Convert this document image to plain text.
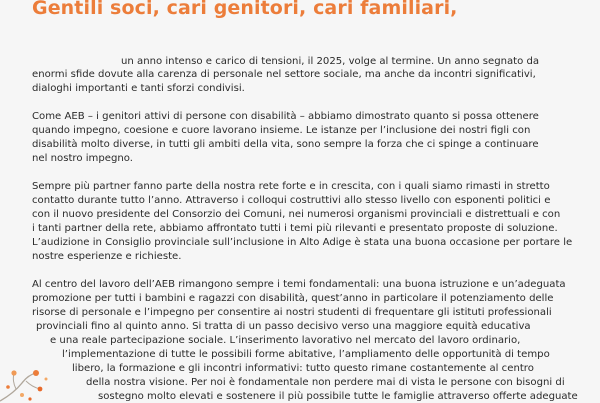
Gentili soci, cari genitori, cari familiari,
un anno intenso e carico di tensioni, il 2025, volge al termine. Un anno segnato da
enormi sfide dovute alla carenza di personale nel settore sociale, ma anche da incontri significativi,
dialoghi importanti e tanti sforzi condivisi.
Come AEB – i genitori attivi di persone con disabilità – abbiamo dimostrato quanto si possa ottenere
quando impegno, coesione e cuore lavorano insieme. Le istanze per l’inclusione dei nostri figli con
disabilità molto diverse, in tutti gli ambiti della vita, sono sempre la forza che ci spinge a continuare
nel nostro impegno.
Sempre più partner fanno parte della nostra rete forte e in crescita, con i quali siamo rimasti in stretto
contatto durante tutto l’anno. Attraverso i colloqui costruttivi allo stesso livello con esponenti politici e
con il nuovo presidente del Consorzio dei Comuni, nei numerosi organismi provinciali e distrettuali e con
i tanti partner della rete, abbiamo affrontato tutti i temi più rilevanti e presentato proposte di soluzione.
L’audizione in Consiglio provinciale sull’inclusione in Alto Adige è stata una buona occasione per portare le
nostre esperienze e richieste.
Al centro del lavoro dell’AEB rimangono sempre i temi fondamentali: una buona istruzione e un’adeguata
promozione per tutti i bambini e ragazzi con disabilità, quest’anno in particolare il potenziamento delle
risorse di personale e l’impegno per consentire ai nostri studenti di frequentare gli istituti professionali
provinciali fino al quinto anno. Si tratta di un passo decisivo verso una maggiore equità educativa
e una reale partecipazione sociale. L’inserimento lavorativo nel mercato del lavoro ordinario,
l’implementazione di tutte le possibili forme abitative, l’ampliamento delle opportunità di tempo
libero, la formazione e gli incontri informativi: tutto questo rimane costantemente al centro
della nostra visione. Per noi è fondamentale non perdere mai di vista le persone con bisogni di
sostegno molto elevati e sostenere il più possibile tutte le famiglie attraverso offerte adeguate
